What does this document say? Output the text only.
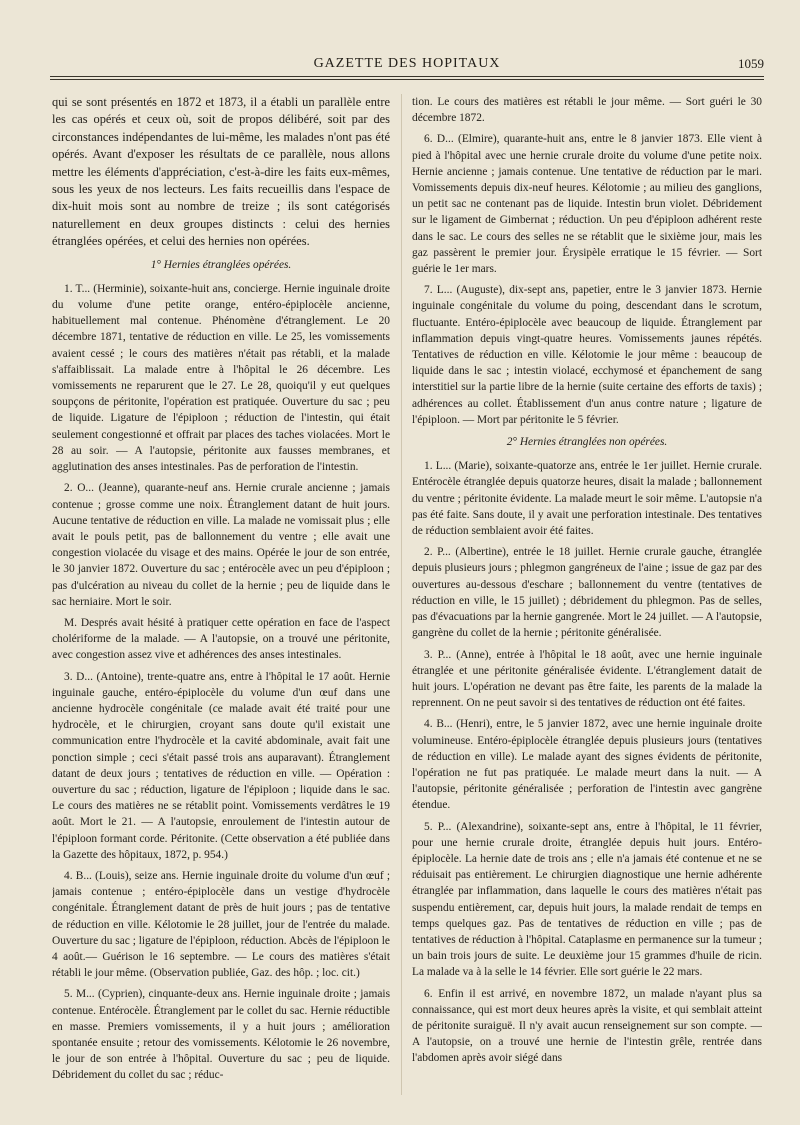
GAZETTE DES HOPITAUX	1059

qui se sont présentés en 1872 et 1873, il a établi un parallèle entre les cas opérés et ceux où, soit de propos délibéré, soit par des circonstances indépendantes de lui-même, les malades n'ont pas été opérés. Avant d'exposer les résultats de ce parallèle, nous allons mettre les éléments d'appréciation, c'est-à-dire les faits eux-mêmes, sous les yeux de nos lecteurs. Les faits recueillis dans l'espace de dix-huit mois sont au nombre de treize ; ils sont catégorisés naturellement en deux groupes distincts : celui des hernies étranglées opérées, et celui des hernies non opérées.

1° Hernies étranglées opérées.

1. T... (Herminie), soixante-huit ans, concierge. Hernie inguinale droite du volume d'une petite orange, entéro-épiplocèle ancienne, habituellement mal contenue. Phénomène d'étranglement. Le 20 décembre 1871, tentative de réduction en ville. Le 25, les vomissements avaient cessé ; le cours des matières n'était pas rétabli, et la malade s'affaiblissait. La malade entre à l'hôpital le 26 décembre. Les vomissements ne reparurent que le 27. Le 28, quoiqu'il y eut quelques soupçons de péritonite, l'opération est pratiquée. Ouverture du sac ; peu de liquide. Ligature de l'épiploon ; réduction de l'intestin, qui était seulement congestionné et offrait par places des taches violacées. Mort le 28 au soir. — A l'autopsie, péritonite aux fausses membranes, et agglutination des anses intestinales. Pas de perforation de l'intestin.

2. O... (Jeanne), quarante-neuf ans. Hernie crurale ancienne ; jamais contenue ; grosse comme une noix. Étranglement datant de huit jours. Aucune tentative de réduction en ville. La malade ne vomissait plus ; elle avait le pouls petit, pas de ballonnement du ventre ; elle avait une congestion violacée du visage et des mains. Opérée le jour de son entrée, le 30 janvier 1872. Ouverture du sac ; entérocèle avec un peu d'épiploon ; pas d'ulcération au niveau du collet de la hernie ; peu de liquide dans le sac herniaire. Mort le soir.

M. Després avait hésité à pratiquer cette opération en face de l'aspect cholériforme de la malade. — A l'autopsie, on a trouvé une péritonite, avec congestion assez vive et adhérences des anses intestinales.

3. D... (Antoine), trente-quatre ans, entre à l'hôpital le 17 août. Hernie inguinale gauche, entéro-épiplocèle du volume d'un œuf dans une ancienne hydrocèle congénitale (ce malade avait été traité pour une hydrocèle, et le chirurgien, croyant sans doute qu'il existait une communication entre l'hydrocèle et la cavité abdominale, avait fait une ponction simple ; ceci s'était passé trois ans auparavant). Étranglement datant de deux jours ; tentatives de réduction en ville. — Opération : ouverture du sac ; réduction, ligature de l'épiploon ; liquide dans le sac. Le cours des matières ne se rétablit point. Vomissements verdâtres le 19 août. Mort le 21. — A l'autopsie, enroulement de l'intestin autour de l'épiploon formant corde. Péritonite. (Cette observation a été publiée dans la Gazette des hôpitaux, 1872, p. 954.)

4. B... (Louis), seize ans. Hernie inguinale droite du volume d'un œuf ; jamais contenue ; entéro-épiplocèle dans un vestige d'hydrocèle congénitale. Étranglement datant de près de huit jours ; pas de tentative de réduction en ville. Kélotomie le 28 juillet, jour de l'entrée du malade. Ouverture du sac ; ligature de l'épiploon, réduction. Abcès de l'épiploon le 4 août.— Guérison le 16 septembre. — Le cours des matières s'était rétabli le jour même. (Observation publiée, Gaz. des hôp. ; loc. cit.)

5. M... (Cyprien), cinquante-deux ans. Hernie inguinale droite ; jamais contenue. Entérocèle. Étranglement par le collet du sac. Hernie réductible en masse. Premiers vomissements, il y a huit jours ; amélioration spontanée ensuite ; retour des vomissements. Kélotomie le 26 novembre, le jour de son entrée à l'hôpital. Ouverture du sac ; peu de liquide. Débridement du collet du sac ; réduc-

tion. Le cours des matières est rétabli le jour même. — Sort guéri le 30 décembre 1872.

6. D... (Elmire), quarante-huit ans, entre le 8 janvier 1873. Elle vient à pied à l'hôpital avec une hernie crurale droite du volume d'une petite noix. Hernie ancienne ; jamais contenue. Une tentative de réduction par le mari. Vomissements depuis dix-neuf heures. Kélotomie ; au milieu des ganglions, un petit sac ne contenant pas de liquide. Intestin brun violet. Débridement sur le ligament de Gimbernat ; réduction. Un peu d'épiploon adhérent reste dans le sac. Le cours des selles ne se rétablit que le sixième jour, mais les gaz passèrent le premier jour. Érysipèle erratique le 15 février. — Sort guérie le 1er mars.

7. L... (Auguste), dix-sept ans, papetier, entre le 3 janvier 1873. Hernie inguinale congénitale du volume du poing, descendant dans le scrotum, fluctuante. Entéro-épiplocèle avec beaucoup de liquide. Étranglement par inflammation depuis vingt-quatre heures. Vomissements jaunes répétés. Tentatives de réduction en ville. Kélotomie le jour même : beaucoup de liquide dans le sac ; intestin violacé, ecchymosé et épanchement de sang interstitiel sur la partie libre de la hernie (suite certaine des efforts de taxis) ; adhérences au collet. Établissement d'un anus contre nature ; ligature de l'épiploon. — Mort par péritonite le 5 février.

2° Hernies étranglées non opérées.

1. L... (Marie), soixante-quatorze ans, entrée le 1er juillet. Hernie crurale. Entérocèle étranglée depuis quatorze heures, disait la malade ; ballonnement du ventre ; péritonite évidente. La malade meurt le soir même. L'autopsie n'a pas été faite. Sans doute, il y avait une perforation intestinale. Des tentatives de réduction semblaient avoir été faites.

2. P... (Albertine), entrée le 18 juillet. Hernie crurale gauche, étranglée depuis plusieurs jours ; phlegmon gangréneux de l'aine ; issue de gaz par des ouvertures au-dessous d'eschare ; ballonnement du ventre (tentatives de réduction en ville, le 15 juillet) ; débridement du phlegmon. Pas de selles, pas d'évacuations par la hernie gangrenée. Mort le 24 juillet. — A l'autopsie, gangrène du collet de la hernie ; péritonite généralisée.

3. P... (Anne), entrée à l'hôpital le 18 août, avec une hernie inguinale étranglée et une péritonite généralisée évidente. L'étranglement datait de huit jours. L'opération ne devant pas être faite, les parents de la malade la reprennent. On ne peut savoir si des tentatives de réduction ont été faites.

4. B... (Henri), entre, le 5 janvier 1872, avec une hernie inguinale droite volumineuse. Entéro-épiplocèle étranglée depuis plusieurs jours (tentatives de réduction en ville). Le malade ayant des signes évidents de péritonite, l'opération ne fut pas pratiquée. Le malade meurt dans la nuit. — A l'autopsie, péritonite généralisée ; perforation de l'intestin avec gangrène étendue.

5. P... (Alexandrine), soixante-sept ans, entre à l'hôpital, le 11 février, pour une hernie crurale droite, étranglée depuis huit jours. Entéro-épiplocèle. La hernie date de trois ans ; elle n'a jamais été contenue et ne se réduisait pas entièrement. Le chirurgien diagnostique une hernie adhérente étranglée par inflammation, dans laquelle le cours des matières n'était pas suspendu entièrement, car, depuis huit jours, la malade rendait de temps en temps quelques gaz. Pas de tentatives de réduction en ville ; pas de tentatives de réduction à l'hôpital. Cataplasme en permanence sur la tumeur ; un bain trois jours de suite. Le deuxième jour 15 grammes d'huile de ricin. La malade va à la selle le 14 février. Elle sort guérie le 22 mars.

6. Enfin il est arrivé, en novembre 1872, un malade n'ayant plus sa connaissance, qui est mort deux heures après la visite, et qui semblait atteint de péritonite suraiguë. Il n'y avait aucun renseignement sur son compte. — A l'autopsie, on a trouvé une hernie de l'intestin grêle, rentrée dans l'abdomen après avoir siégé dans
